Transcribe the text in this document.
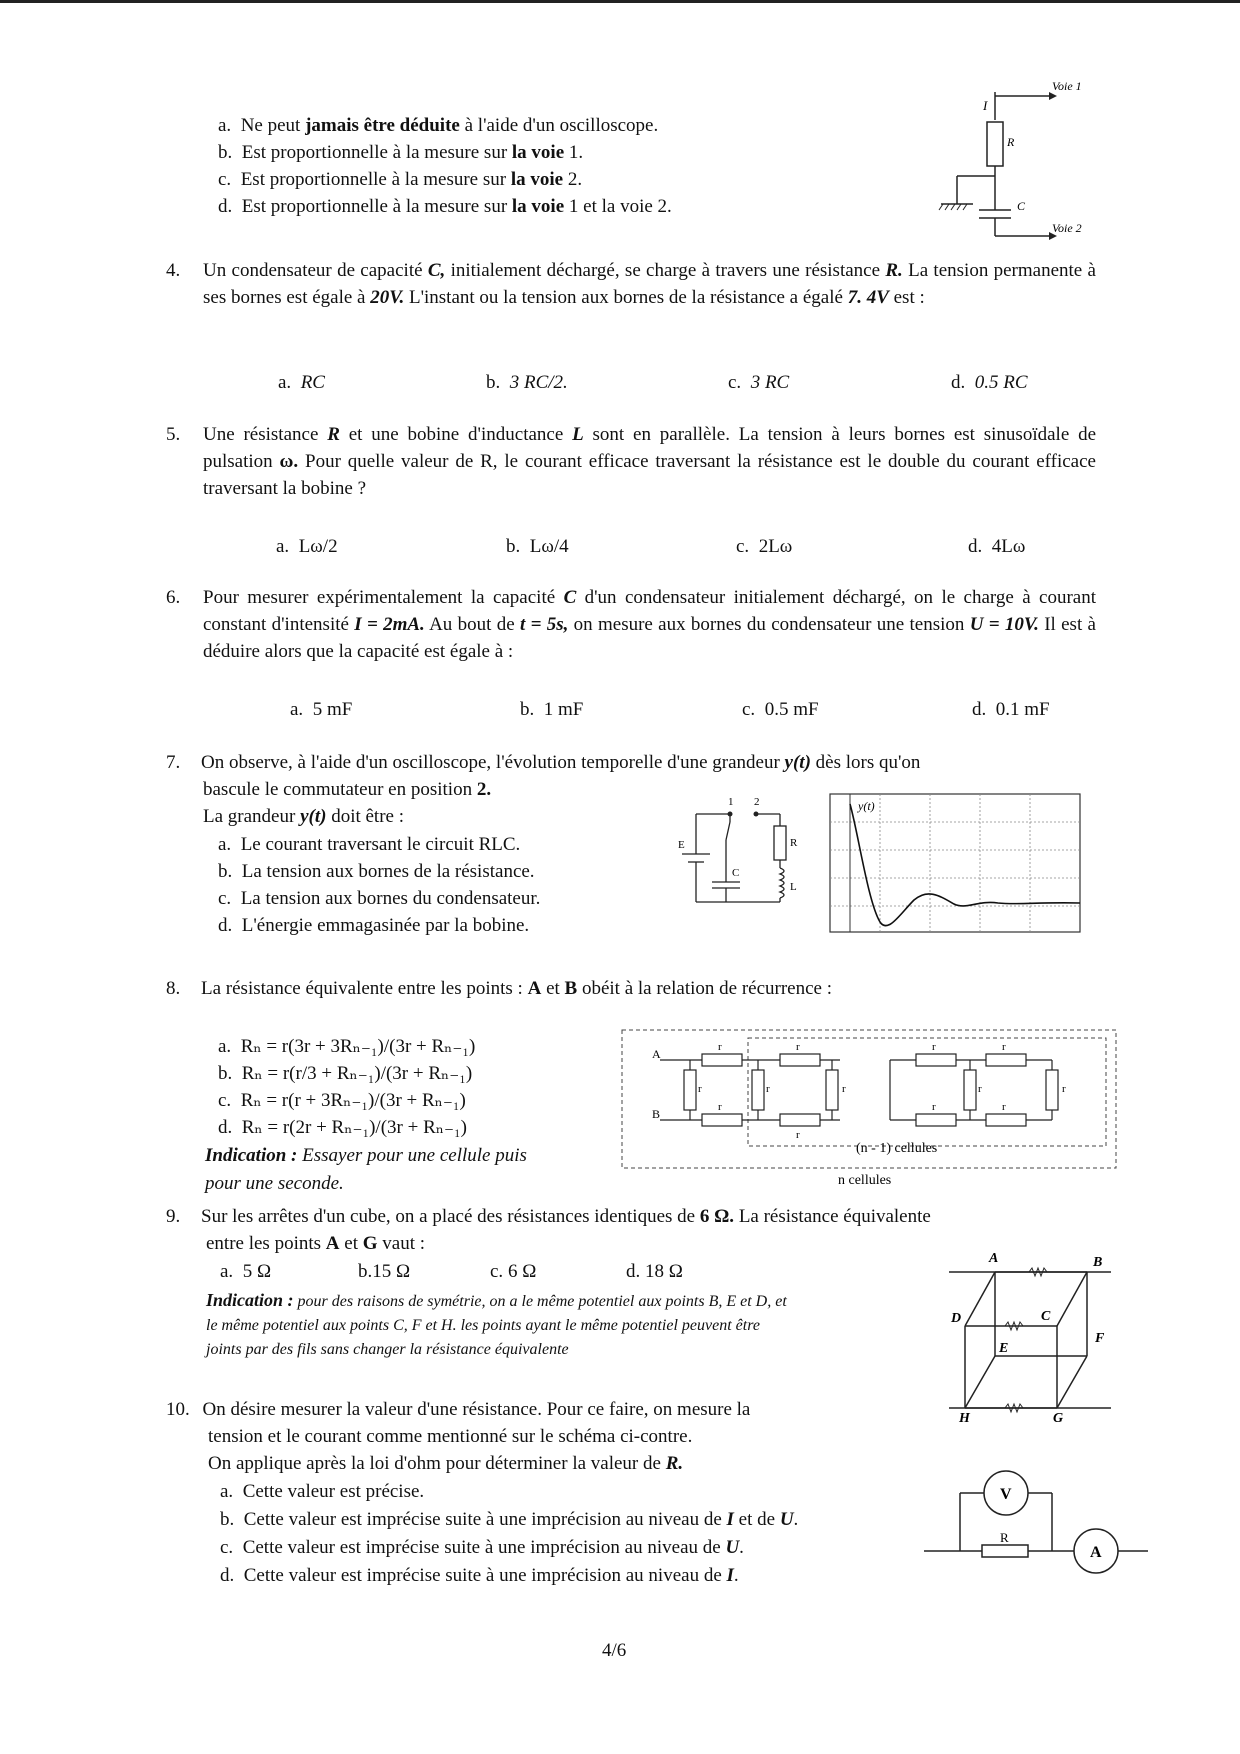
a. Ne peut jamais être déduite à l'aide d'un oscilloscope.
b. Est proportionnelle à la mesure sur la voie 1.
c. Est proportionnelle à la mesure sur la voie 2.
d. Est proportionnelle à la mesure sur la voie 1 et la voie 2.
Voie 1
Voie 2
I
R
C
4. Un condensateur de capacité C, initialement déchargé, se charge à travers une résistance R. La tension permanente à ses bornes est égale à 20V. L'instant ou la tension aux bornes de la résistance a égalé 7. 4V est :
a. RC	b. 3 RC/2.	c. 3 RC	d. 0.5 RC
5. Une résistance R et une bobine d'inductance L sont en parallèle. La tension à leurs bornes est sinusoïdale de pulsation ω. Pour quelle valeur de R, le courant efficace traversant la résistance est le double du courant efficace traversant la bobine ?
a. Lω/2	b. Lω/4	c. 2Lω	d. 4Lω
6. Pour mesurer expérimentalement la capacité C d'un condensateur initialement déchargé, on le charge à courant constant d'intensité I = 2mA. Au bout de t = 5s, on mesure aux bornes du condensateur une tension U = 10V. Il est à déduire alors que la capacité est égale à :
a. 5 mF	b. 1 mF	c. 0.5 mF	d. 0.1 mF
7. On observe, à l'aide d'un oscilloscope, l'évolution temporelle d'une grandeur y(t) dès lors qu'on
bascule le commutateur en position 2.
La grandeur y(t) doit être :
a. Le courant traversant le circuit RLC.
b. La tension aux bornes de la résistance.
c. La tension aux bornes du condensateur.
d. L'énergie emmagasinée par la bobine.
1 2
E
C
R
L
y(t)
8. La résistance équivalente entre les points : A et B obéit à la relation de récurrence :
a. Rₙ = r(3r + 3Rₙ₋₁)/(3r + Rₙ₋₁)
b. Rₙ = r(r/3 + Rₙ₋₁)/(3r + Rₙ₋₁)
c. Rₙ = r(r + 3Rₙ₋₁)/(3r + Rₙ₋₁)
d. Rₙ = r(2r + Rₙ₋₁)/(3r + Rₙ₋₁)
Indication : Essayer pour une cellule puis
pour une seconde.
A
B
r	r
r
r
r	r	r
r	r
r	r
r	r
(n - 1) cellules
n cellules
9. Sur les arrêtes d'un cube, on a placé des résistances identiques de 6 Ω. La résistance équivalente
entre les points A et G vaut :
a. 5 Ω	b.15 Ω	c. 6 Ω	d. 18 Ω
Indication : pour des raisons de symétrie, on a le même potentiel aux points B, E et D, et
le même potentiel aux points C, F et H. les points ayant le même potentiel peuvent être
joints par des fils sans changer la résistance équivalente
A	B
C
D
E
F
G
H
10. On désire mesurer la valeur d'une résistance. Pour ce faire, on mesure la
tension et le courant comme mentionné sur le schéma ci-contre.
On applique après la loi d'ohm pour déterminer la valeur de R.
a. Cette valeur est précise.
b. Cette valeur est imprécise suite à une imprécision au niveau de I et de U.
c. Cette valeur est imprécise suite à une imprécision au niveau de U.
d. Cette valeur est imprécise suite à une imprécision au niveau de I.
V
A
R
4/6
